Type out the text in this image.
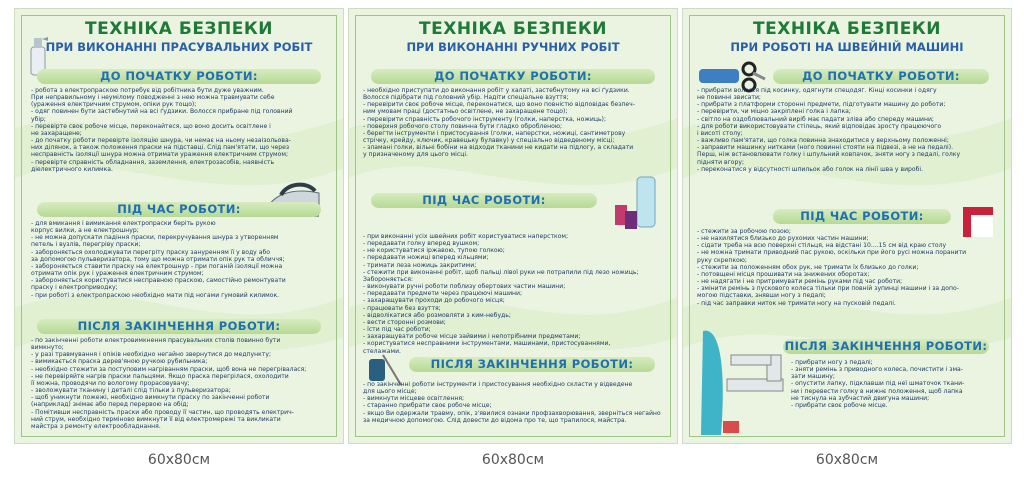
ТЕХНІКА БЕЗПЕКИ
ПРИ ВИКОНАННІ ПРАСУВАЛЬНИХ РОБІТ
ДО ПОЧАТКУ РОБОТИ:
- робота з електропраскою потребує від робітника бути дуже уважним.
При неправильному і неумілому поводженні з нею можна травмувати себе
(ураження електричним струмом, опіки рук тощо);
- одяг повинен бути застебнутий на всі ґудзики. Волосся прибране під головний
убір;
- перевірте своє робоче місце, переконайтеся, що воно досить освітлене і
не захаращене;
- до початку роботи перевірте ізоляцію шнура, чи немає на ньому незаізольова-
них ділянок, а також положення праски на підставці. Слід пам'ятати, що через
несправність ізоляції шнура можна отримати ураження електричним струмом;
- перевірте справність обладнання, заземлення, електрозасобів, наявність
діелектричного килимка.
ПІД ЧАС РОБОТИ:
- для вмикання і вимикання електропраски беріть рукою
корпус вилки, а не електрошнур;
- не можна допускати падіння праски, перекручування шнура з утворенням
петель і вузлів, перегріву праски;
- забороняється охолоджувати перегріту праску зануренням її у воду або
за допомогою пульверизатора, тому що можна отримати опік рук та обличчя;
- забороняється ставити праску на електрошнур - при поганій ізоляції можна
отримати опік рук і ураження електричним струмом;
- забороняється користуватися несправною праскою, самостійно ремонтувати
праску і електроприводку;
- при роботі з електропраскою необхідно мати під ногами гумовий килимок.
ПІСЛЯ ЗАКІНЧЕННЯ РОБОТИ:
- по закінченні роботи електровимкнення прасувальних столів повинно бути
вимкнуто;
- у разі травмування і опіків необхідно негайно звернутися до медпункту;
- вимикається праска дерев'яною ручкою рубильника;
- необхідно стежити за поступовим нагріванням праски, щоб вона не перегрівалася;
- не перевіряйте нагрів праски пальцями. Якщо праска перегрілася, охолодити
її можна, проводячи по вологому прорасовувачу;
- зволожувати тканину і деталі слід тільки з пульверизатора;
- щоб уникнути пожежі, необхідно вимкнути праску по закінченні роботи
(наприклад) знімає або перед перервою на обід;
- Помітивши несправність праски або проводу її частин, що проводять електрич-
ний струм, необхідно терміново вимкнути її від електромережі та викликати
майстра з ремонту електрообладнання.
ТЕХНІКА БЕЗПЕКИ
ПРИ ВИКОНАННІ РУЧНИХ РОБІТ
ДО ПОЧАТКУ РОБОТИ:
- необхідно приступати до виконання робіт у халаті, застебнутому на всі ґудзики.
Волосся підібрати під головний убір. Надіти спеціальне взуття;
- перевірити своє робоче місце, переконатися, що воно повністю відповідає безпеч-
ним умовам праці (достатньо освітлене, не захаращене тощо);
- перевірити справність робочого інструменту (голки, наперстка, ножиць);
- поверхня робочого столу повинна бути гладко обробленою;
- берегти інструменти і пристосування (голки, наперстки, ножиці, сантиметрову
стрічку, крейду, ключик, кравецьку булавку) у спеціально відведеному місці;
- зламані голки, вільні бобіни на відходи тканини не кидати на підлогу, а складати
у призначеному для цього місці.
ПІД ЧАС РОБОТИ:
- при виконанні усіх швейних робіт користуватися наперстком;
- передавати голку вперед вушком;
- не користуватися іржавою, тупою голкою;
- передавати ножиці вперед кільцями;
- тримати леза ножиць закритими;
- стежити при виконанні робіт, щоб пальці лівої руки не потрапили під лезо ножиць;
Забороняється:
- виконувати ручні роботи поблизу обертових частин машини;
- передавати предмети через працюючі машини;
- захаращувати проходи до робочого місця;
- працювати без взуття;
- відволікатися або розмовляти з ким-небудь;
- вести сторонні розмови;
- їсти під час роботи;
- захаращувати робоче місце зайвими і непотрібними предметами;
- користуватися несправними інструментами, машинами, пристосуваннями,
стелажами.
ПІСЛЯ ЗАКІНЧЕННЯ РОБОТИ:
- по закінченні роботи інструменти і пристосування необхідно скласти у відведене
для цього місце;
- вимкнути місцеве освітлення;
- старанно прибрати своє робоче місце;
- якщо Ви одержали травму, опік, з'явилися ознаки профзахворювання, зверніться негайно
за медичною допомогою. Слід довести до відома про те, що трапилося, майстра.
ТЕХНІКА БЕЗПЕКИ
ПРИ РОБОТІ НА ШВЕЙНІЙ МАШИНІ
ДО ПОЧАТКУ РОБОТИ:
- прибрати волосся під косинку, одягнути спецодяг. Кінці косинки і одягу
не повинні звисати;
- прибрати з платформи сторонні предмети, підготувати машину до роботи;
- перевірити, чи міцно закріплені голка і лапка;
- світло на оздоблювальний виріб має падати зліва або спереду машини;
- для роботи використовувати стілець, який відповідає зросту працюючого
і висоті столу;
- важливо пам'ятати, що голка повинна знаходитися у верхньому положенні;
- заправити машинку нитками (ного повинні стояти на підвезі, а не на педалі).
Перш, ніж встановлювати голку і шпульний ковпачок, зняти ногу з педалі, голку
підняти вгору;
- переконатися у відсутності шпильок або голок на лінії шва у виробі.
ПІД ЧАС РОБОТИ:
- стежити за робочою позою;
- не нахилятися близько до рухомих частин машини;
- сідати треба на всю поверхні стільця, на відстані 10....15 см від краю столу
- не можна тримати приводний пас рукою, оскільки при його русі можна поранити
руку скрепкою;
- стежити за положенням обох рук, не тримати їх близько до голки;
- потовщені місця прошивати на знижених оборотах;
- не надягати і не притримувати ремінь руками під час роботи;
- змінити ремінь з пускового колеса тільки при повній зупинці машини і за допо-
могою підставки, знявши ногу з педалі;
- під час заправки ниток не тримати ногу на пусковій педалі.
ПІСЛЯ ЗАКІНЧЕННЯ РОБОТИ:
- прибрати ногу з педалі;
- зняти ремінь з приводного колеса, почистити і зма-
зати машину;
- опустити лапку, підклавши під неї шматочок ткани-
ни і перевести голку в нижнє положення, щоб лапка
не тиснула на зубчастий двигуна машини;
- прибрати своє робоче місце.
60х80см	60х80см	60х80см
